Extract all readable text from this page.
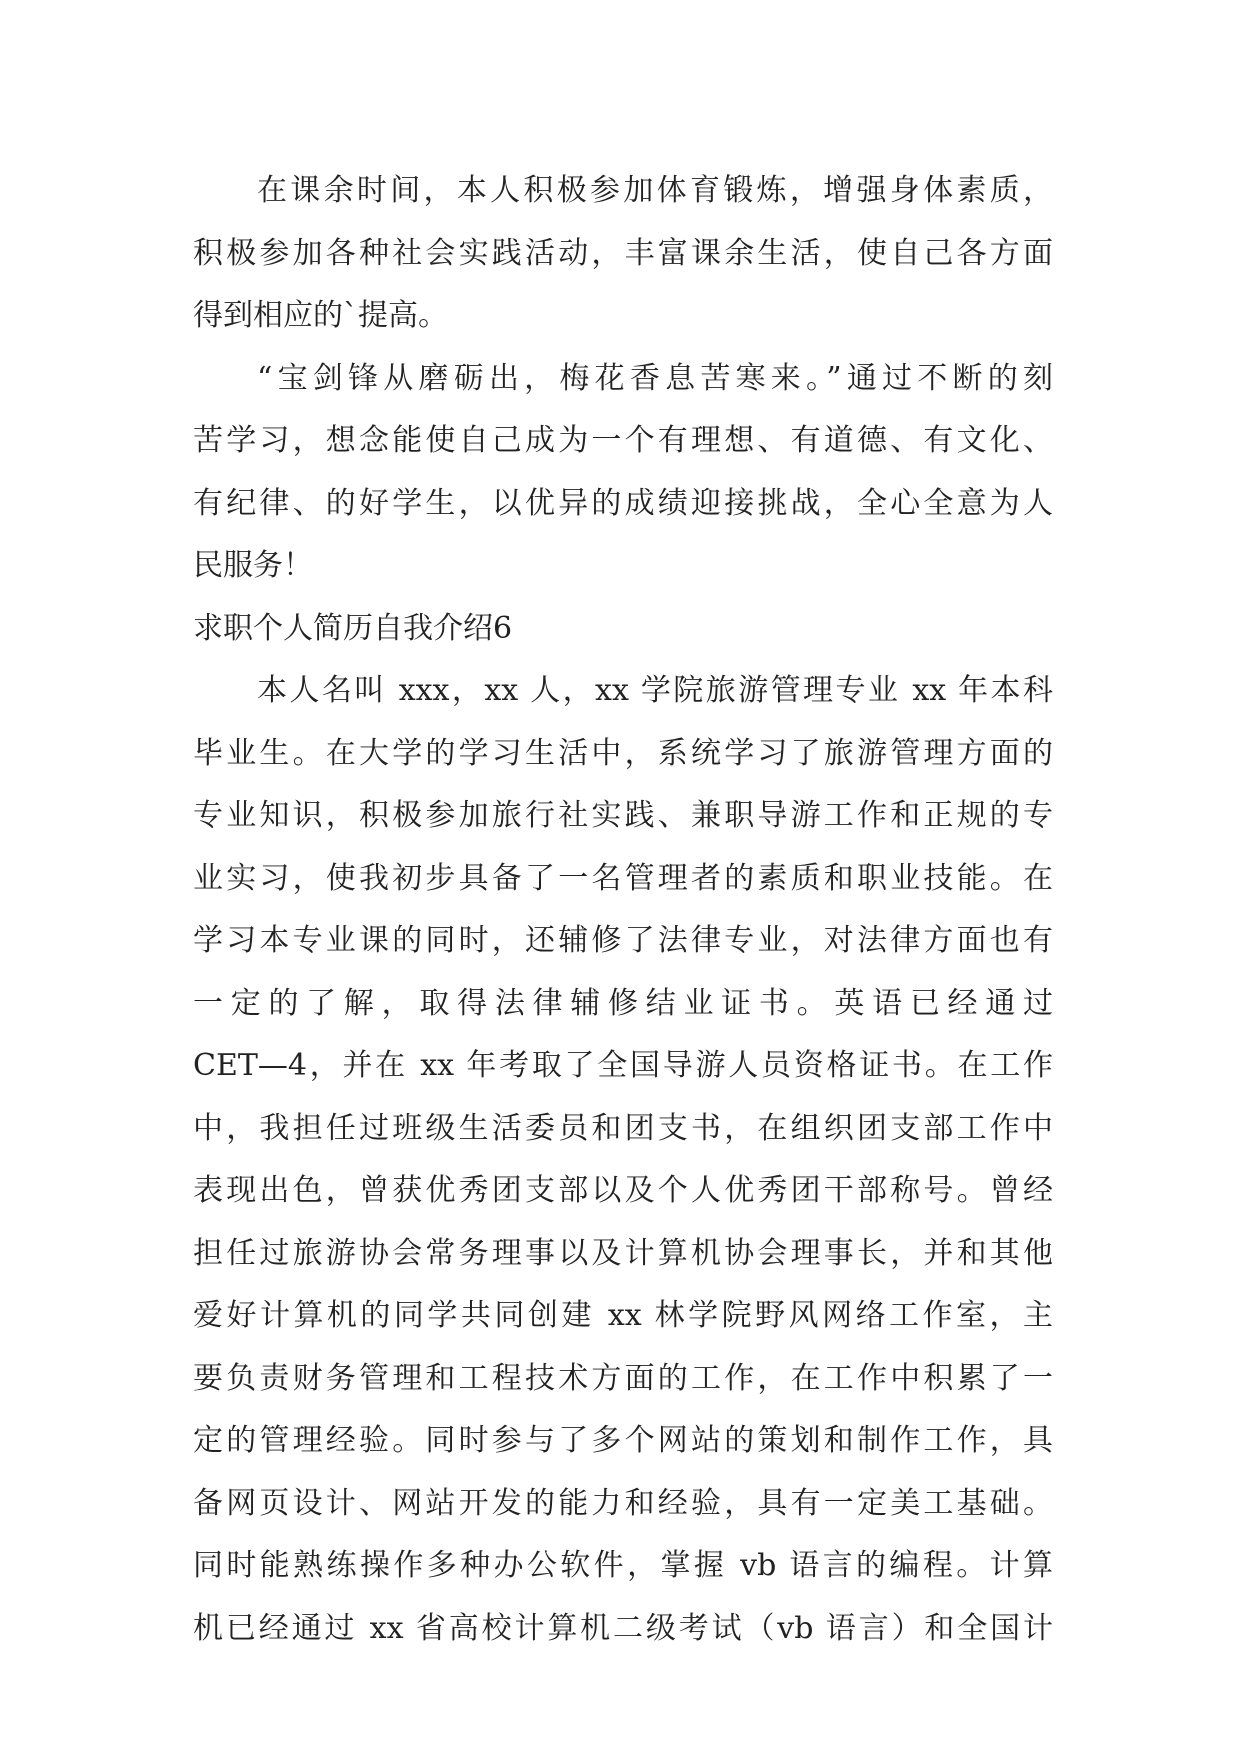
在课余时间，本人积极参加体育锻炼，增强身体素质，
积极参加各种社会实践活动，丰富课余生活，使自己各方面
得到相应的`提高。
“宝剑锋从磨砺出，梅花香息苦寒来。”通过不断的刻
苦学习，想念能使自己成为一个有理想、有道德、有文化、
有纪律、的好学生，以优异的成绩迎接挑战，全心全意为人
民服务！
求职个人简历自我介绍6
本人名叫 xxx，xx 人，xx 学院旅游管理专业 xx 年本科
毕业生。在大学的学习生活中，系统学习了旅游管理方面的
专业知识，积极参加旅行社实践、兼职导游工作和正规的专
业实习，使我初步具备了一名管理者的素质和职业技能。在
学习本专业课的同时，还辅修了法律专业，对法律方面也有
一定的了解，取得法律辅修结业证书。英语已经通过
CET—4，并在 xx 年考取了全国导游人员资格证书。在工作
中，我担任过班级生活委员和团支书，在组织团支部工作中
表现出色，曾获优秀团支部以及个人优秀团干部称号。曾经
担任过旅游协会常务理事以及计算机协会理事长，并和其他
爱好计算机的同学共同创建 xx 林学院野风网络工作室，主
要负责财务管理和工程技术方面的工作，在工作中积累了一
定的管理经验。同时参与了多个网站的策划和制作工作，具
备网页设计、网站开发的能力和经验，具有一定美工基础。
同时能熟练操作多种办公软件，掌握 vb 语言的编程。计算
机已经通过 xx 省高校计算机二级考试（vb 语言）和全国计
